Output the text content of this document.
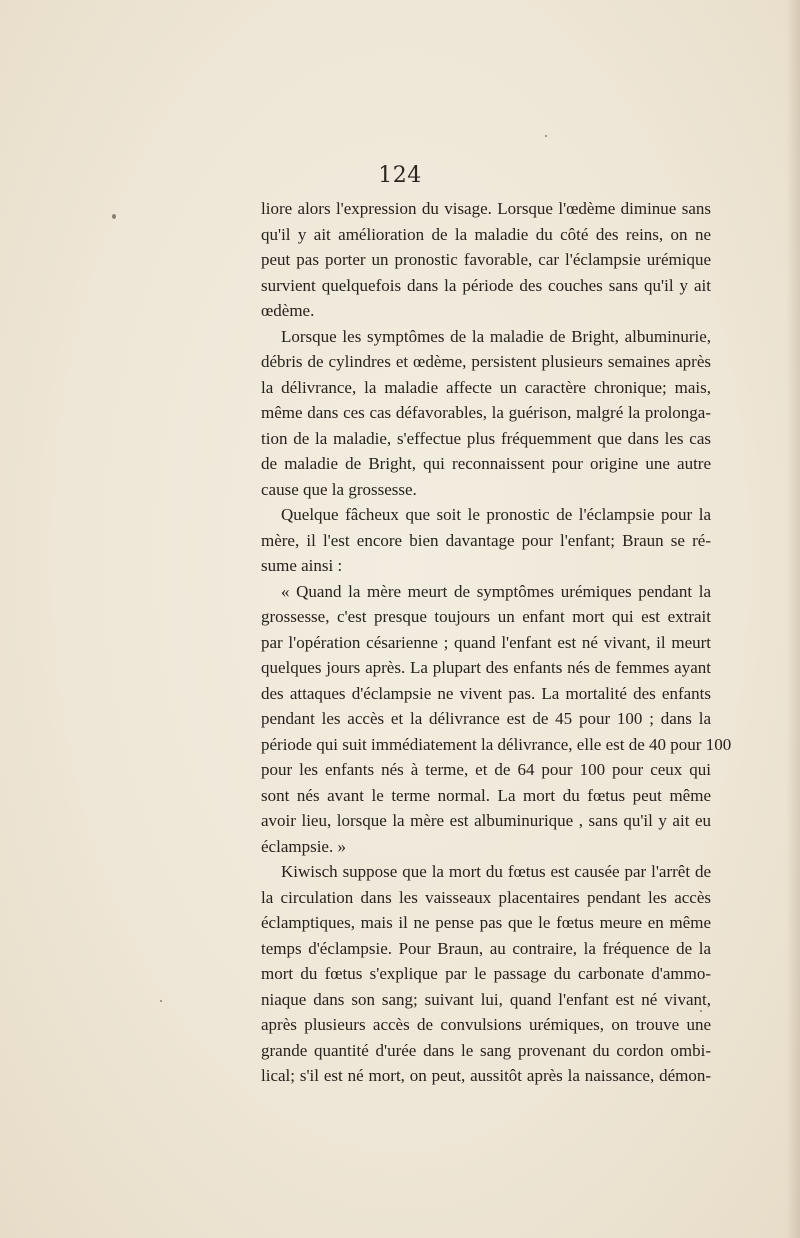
124
liore alors l'expression du visage. Lorsque l'œdème diminue sans
qu'il y ait amélioration de la maladie du côté des reins, on ne
peut pas porter un pronostic favorable, car l'éclampsie urémique
survient quelquefois dans la période des couches sans qu'il y ait
œdème.
Lorsque les symptômes de la maladie de Bright, albuminurie,
débris de cylindres et œdème, persistent plusieurs semaines après
la délivrance, la maladie affecte un caractère chronique; mais,
même dans ces cas défavorables, la guérison, malgré la prolonga-
tion de la maladie, s'effectue plus fréquemment que dans les cas
de maladie de Bright, qui reconnaissent pour origine une autre
cause que la grossesse.
Quelque fâcheux que soit le pronostic de l'éclampsie pour la
mère, il l'est encore bien davantage pour l'enfant; Braun se ré-
sume ainsi :
« Quand la mère meurt de symptômes urémiques pendant la
grossesse, c'est presque toujours un enfant mort qui est extrait
par l'opération césarienne ; quand l'enfant est né vivant, il meurt
quelques jours après. La plupart des enfants nés de femmes ayant
des attaques d'éclampsie ne vivent pas. La mortalité des enfants
pendant les accès et la délivrance est de 45 pour 100 ; dans la
période qui suit immédiatement la délivrance, elle est de 40 pour 100
pour les enfants nés à terme, et de 64 pour 100 pour ceux qui
sont nés avant le terme normal. La mort du fœtus peut même
avoir lieu, lorsque la mère est albuminurique , sans qu'il y ait eu
éclampsie. »
Kiwisch suppose que la mort du fœtus est causée par l'arrêt de
la circulation dans les vaisseaux placentaires pendant les accès
éclamptiques, mais il ne pense pas que le fœtus meure en même
temps d'éclampsie. Pour Braun, au contraire, la fréquence de la
mort du fœtus s'explique par le passage du carbonate d'ammo-
niaque dans son sang; suivant lui, quand l'enfant est né vivant,
après plusieurs accès de convulsions urémiques, on trouve une
grande quantité d'urée dans le sang provenant du cordon ombi-
lical; s'il est né mort, on peut, aussitôt après la naissance, démon-
